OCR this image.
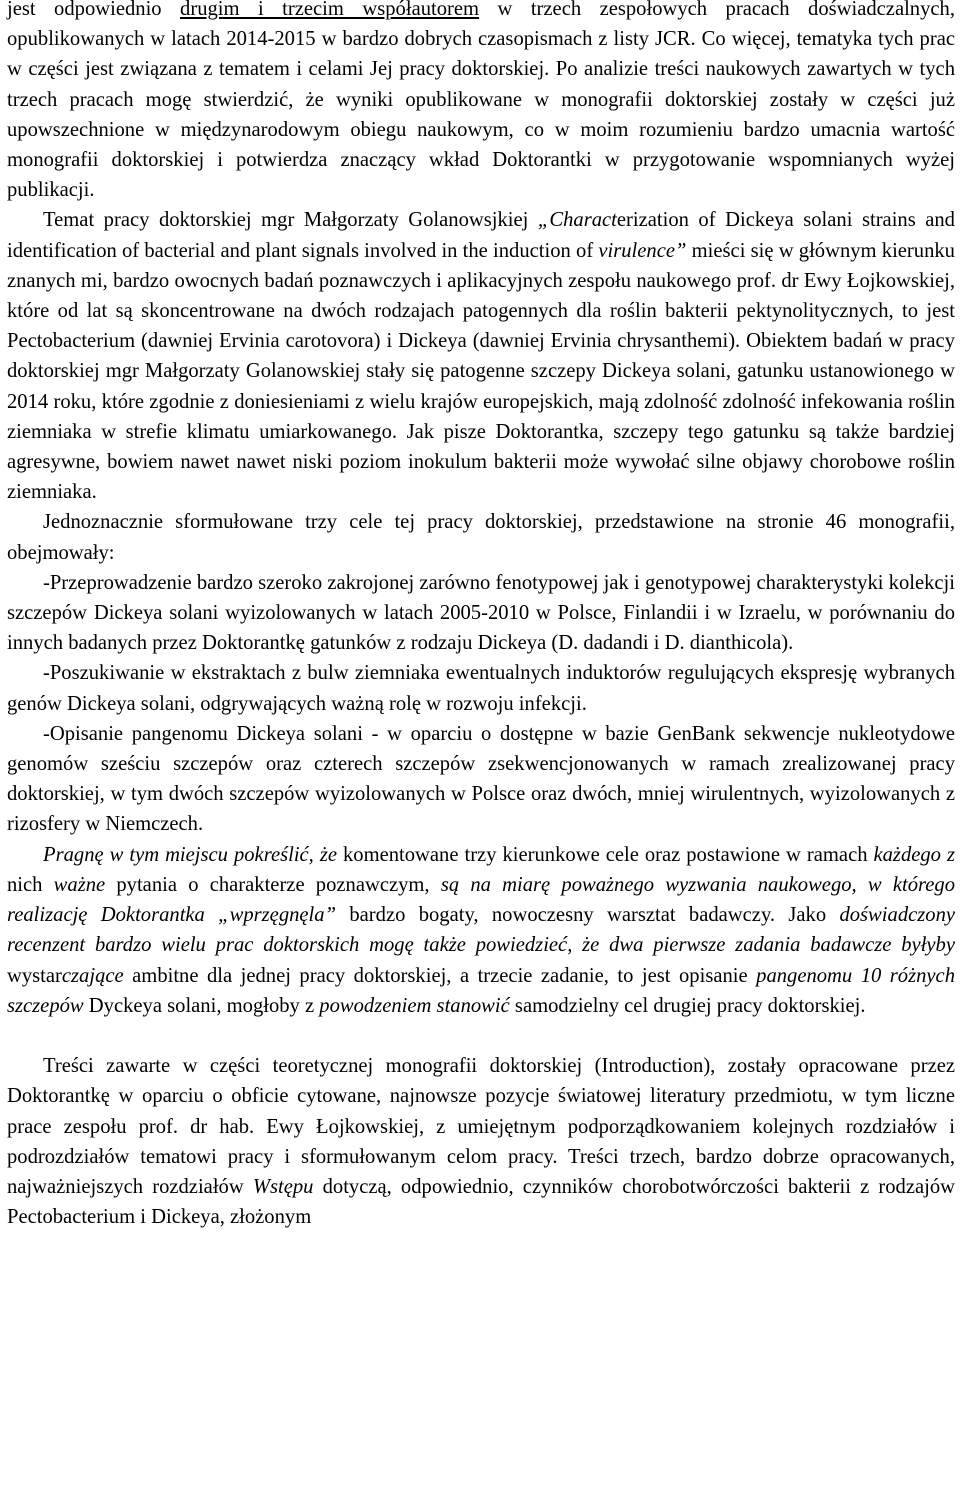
jest odpowiednio drugim i trzecim współautorem w trzech zespołowych pracach doświadczalnych, opublikowanych w latach 2014-2015 w bardzo dobrych czasopismach z listy JCR. Co więcej, tematyka tych prac w części jest związana z tematem i celami Jej pracy doktorskiej. Po analizie treści naukowych zawartych w tych trzech pracach mogę stwierdzić, że wyniki opublikowane w monografii doktorskiej zostały w części już upowszechnione w międzynarodowym obiegu naukowym, co w moim rozumieniu bardzo umacnia wartość monografii doktorskiej i potwierdza znaczący wkład Doktorantki w przygotowanie wspomnianych wyżej publikacji.

Temat pracy doktorskiej mgr Małgorzaty Golanowsjkiej „Characterization of Dickeya solani strains and identification of bacterial and plant signals involved in the induction of virulence” mieści się w głównym kierunku znanych mi, bardzo owocnych badań poznawczych i aplikacyjnych zespołu naukowego prof. dr Ewy Łojkowskiej, które od lat są skoncentrowane na dwóch rodzajach patogennych dla roślin bakterii pektynolitycznych, to jest Pectobacterium (dawniej Ervinia carotovora) i Dickeya (dawniej Ervinia chrysanthemi). Obiektem badań w pracy doktorskiej mgr Małgorzaty Golanowskiej stały się patogenne szczepy Dickeya solani, gatunku ustanowionego w 2014 roku, które zgodnie z doniesieniami z wielu krajów europejskich, mają zdolność zdolność infekowania roślin ziemniaka w strefie klimatu umiarkowanego. Jak pisze Doktorantka, szczepy tego gatunku są także bardziej agresywne, bowiem nawet nawet niski poziom inokulum bakterii może wywołać silne objawy chorobowe roślin ziemniaka.

Jednoznacznie sformułowane trzy cele tej pracy doktorskiej, przedstawione na stronie 46 monografii, obejmowały:

-Przeprowadzenie bardzo szeroko zakrojonej zarówno fenotypowej jak i genotypowej charakterystyki kolekcji szczepów Dickeya solani wyizolowanych w latach 2005-2010 w Polsce, Finlandii i w Izraelu, w porównaniu do innych badanych przez Doktorantkę gatunków z rodzaju Dickeya (D. dadandi i D. dianthicola).

-Poszukiwanie w ekstraktach z bulw ziemniaka ewentualnych induktorów regulujących ekspresję wybranych genów Dickeya solani, odgrywających ważną rolę w rozwoju infekcji.

-Opisanie pangenomu Dickeya solani - w oparciu o dostępne w bazie GenBank sekwencje nukleotydowe genomów sześciu szczepów oraz czterech szczepów zsekwencjonowanych w ramach zrealizowanej pracy doktorskiej, w tym dwóch szczepów wyizolowanych w Polsce oraz dwóch, mniej wirulentnych, wyizolowanych z rizosfery w Niemczech.

Pragnę w tym miejscu pokreślić, że komentowane trzy kierunkowe cele oraz postawione w ramach każdego z nich ważne pytania o charakterze poznawczym, są na miarę poważnego wyzwania naukowego, w którego realizację Doktorantka „wprzęgnęla” bardzo bogaty, nowoczesny warsztat badawczy. Jako doświadczony recenzent bardzo wielu prac doktorskich mogę także powiedzieć, że dwa pierwsze zadania badawcze byłyby wystarczające ambitne dla jednej pracy doktorskiej, a trzecie zadanie, to jest opisanie pangenomu 10 różnych szczepów Dyckeya solani, mogłoby z powodzeniem stanowić samodzielny cel drugiej pracy doktorskiej.

Treści zawarte w części teoretycznej monografii doktorskiej (Introduction), zostały opracowane przez Doktorantkę w oparciu o obficie cytowane, najnowsze pozycje światowej literatury przedmiotu, w tym liczne prace zespołu prof. dr hab. Ewy Łojkowskiej, z umiejętnym podporządkowaniem kolejnych rozdziałów i podrozdziałów tematowi pracy i sformułowanym celom pracy. Treści trzech, bardzo dobrze opracowanych, najważniejszych rozdziałów Wstępu dotyczą, odpowiednio, czynników chorobotwórczości bakterii z rodzajów Pectobacterium i Dickeya, złożonym
